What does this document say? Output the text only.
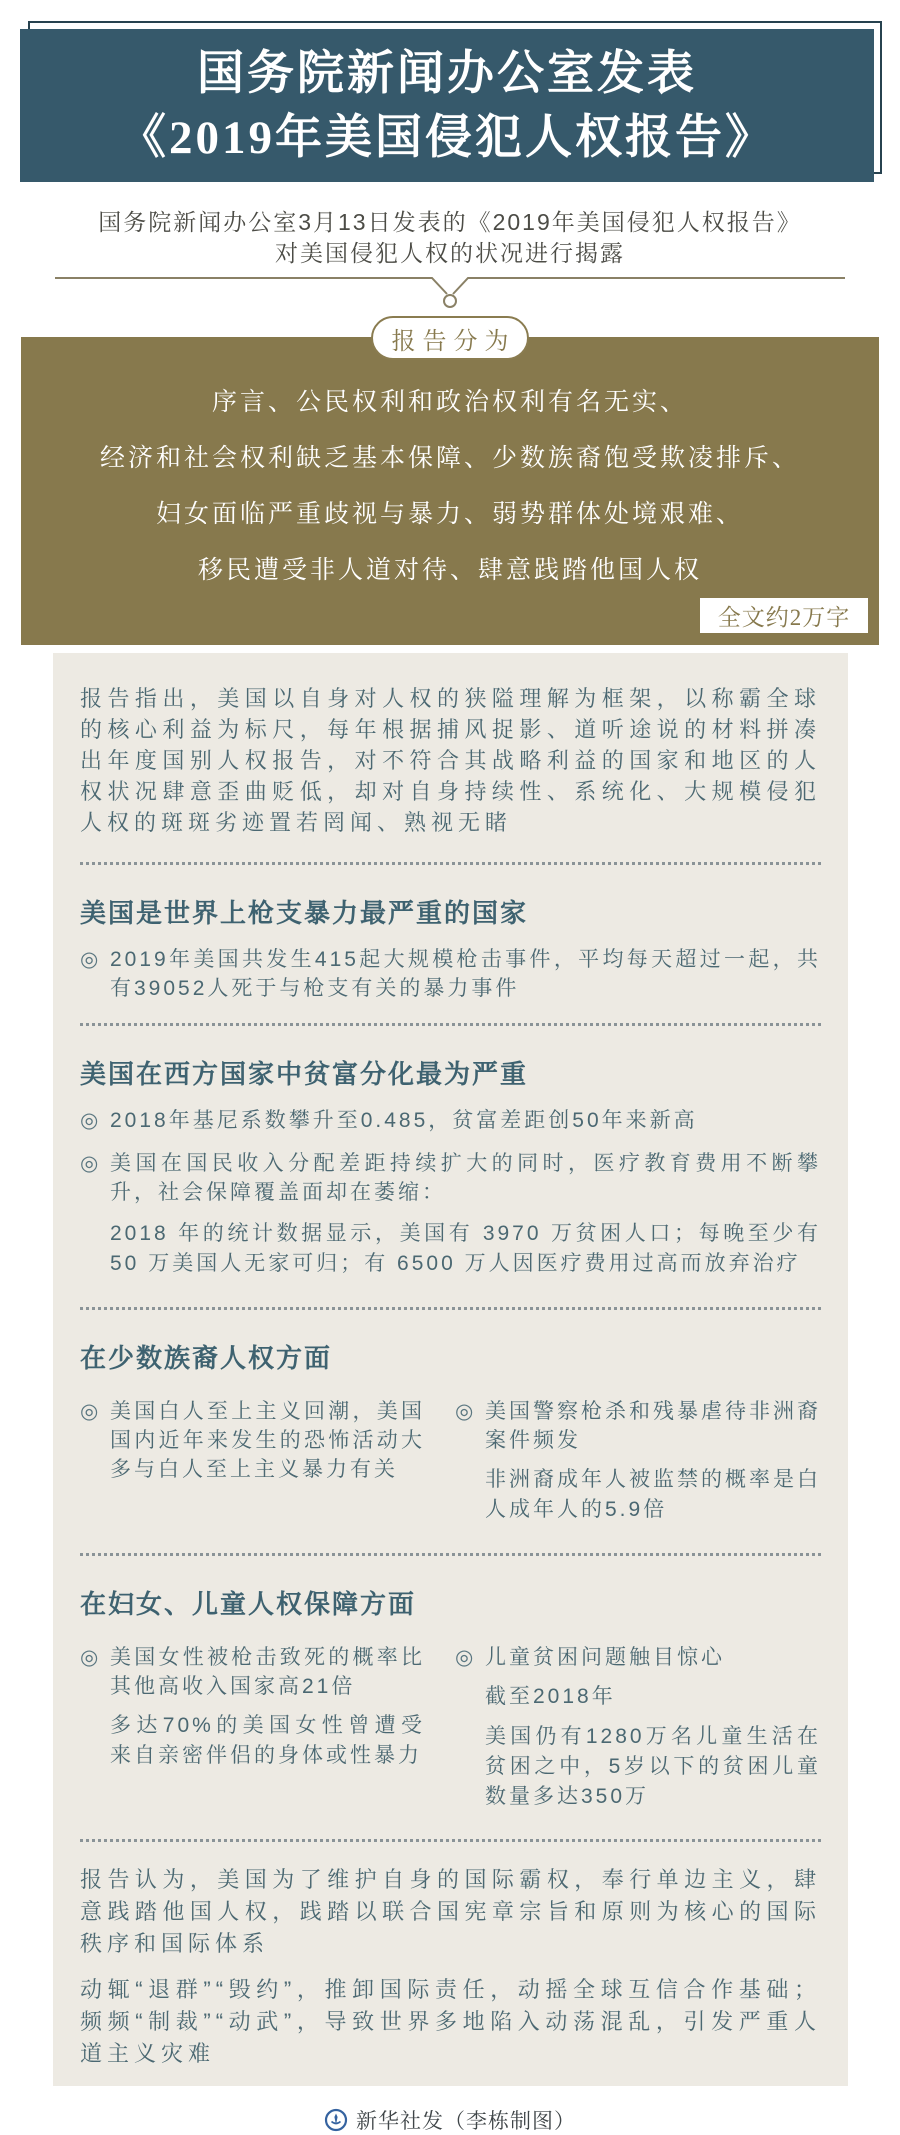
国务院新闻办公室发表
《2019年美国侵犯人权报告》
国务院新闻办公室3月13日发表的《2019年美国侵犯人权报告》
对美国侵犯人权的状况进行揭露
报告分为
序言、公民权利和政治权利有名无实、
经济和社会权利缺乏基本保障、少数族裔饱受欺凌排斥、
妇女面临严重歧视与暴力、弱势群体处境艰难、
移民遭受非人道对待、肆意践踏他国人权
全文约2万字
报告指出，美国以自身对人权的狭隘理解为框架，以称霸全球的核心利益为标尺，每年根据捕风捉影、道听途说的材料拼凑出年度国别人权报告，对不符合其战略利益的国家和地区的人权状况肆意歪曲贬低，却对自身持续性、系统化、大规模侵犯人权的斑斑劣迹置若罔闻、熟视无睹
美国是世界上枪支暴力最严重的国家
◎ 2019年美国共发生415起大规模枪击事件，平均每天超过一起，共有39052人死于与枪支有关的暴力事件
美国在西方国家中贫富分化最为严重
◎ 2018年基尼系数攀升至0.485，贫富差距创50年来新高
◎ 美国在国民收入分配差距持续扩大的同时，医疗教育费用不断攀升，社会保障覆盖面却在萎缩：
2018 年的统计数据显示，美国有 3970 万贫困人口；每晚至少有 50 万美国人无家可归；有 6500 万人因医疗费用过高而放弃治疗
在少数族裔人权方面
◎ 美国白人至上主义回潮，美国国内近年来发生的恐怖活动大多与白人至上主义暴力有关
◎ 美国警察枪杀和残暴虐待非洲裔案件频发
非洲裔成年人被监禁的概率是白人成年人的5.9倍
在妇女、儿童人权保障方面
◎ 美国女性被枪击致死的概率比其他高收入国家高21倍
多达70%的美国女性曾遭受来自亲密伴侣的身体或性暴力
◎ 儿童贫困问题触目惊心
截至2018年
美国仍有1280万名儿童生活在贫困之中，5岁以下的贫困儿童数量多达350万
报告认为，美国为了维护自身的国际霸权，奉行单边主义，肆意践踏他国人权，践踏以联合国宪章宗旨和原则为核心的国际秩序和国际体系
动辄“退群”“毁约”，推卸国际责任，动摇全球互信合作基础；频频“制裁”“动武”，导致世界多地陷入动荡混乱，引发严重人道主义灾难
新华社发（李栋制图）
